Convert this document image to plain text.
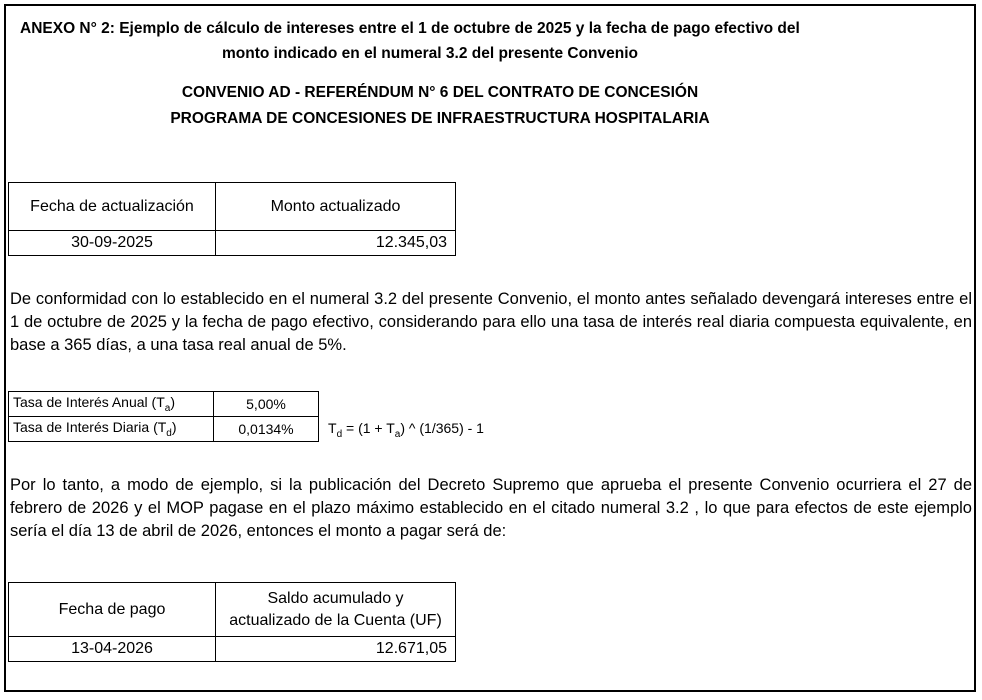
ANEXO N° 2: Ejemplo de cálculo de intereses entre el 1 de octubre de 2025 y la fecha de pago efectivo del
monto indicado en el numeral 3.2 del presente Convenio
CONVENIO AD - REFERÉNDUM N° 6 DEL CONTRATO DE CONCESIÓN
PROGRAMA DE CONCESIONES DE INFRAESTRUCTURA HOSPITALARIA
Fecha de actualización	Monto actualizado
30-09-2025	12.345,03
De conformidad con lo establecido en el numeral 3.2 del presente Convenio, el monto antes señalado devengará intereses entre el 1 de octubre de 2025 y la fecha de pago efectivo, considerando para ello una tasa de interés real diaria compuesta equivalente, en base a 365 días, a una tasa real anual de 5%.
Tasa de Interés Anual $(T_a)$	5,00%
Tasa de Interés Diaria $(T_d)$	0,0134% $T_d = (1 + T_a)$ ^ (1/365) - 1
Por lo tanto, a modo de ejemplo, si la publicación del Decreto Supremo que aprueba el presente Convenio ocurriera el 27 de febrero de 2026 y el MOP pagase en el plazo máximo establecido en el citado numeral 3.2 , lo que para efectos de este ejemplo sería el día 13 de abril de 2026, entonces el monto a pagar será de:
Fecha de pago	Saldo acumulado y
actualizado de la Cuenta (UF)

13-04-2026	12.671,05
